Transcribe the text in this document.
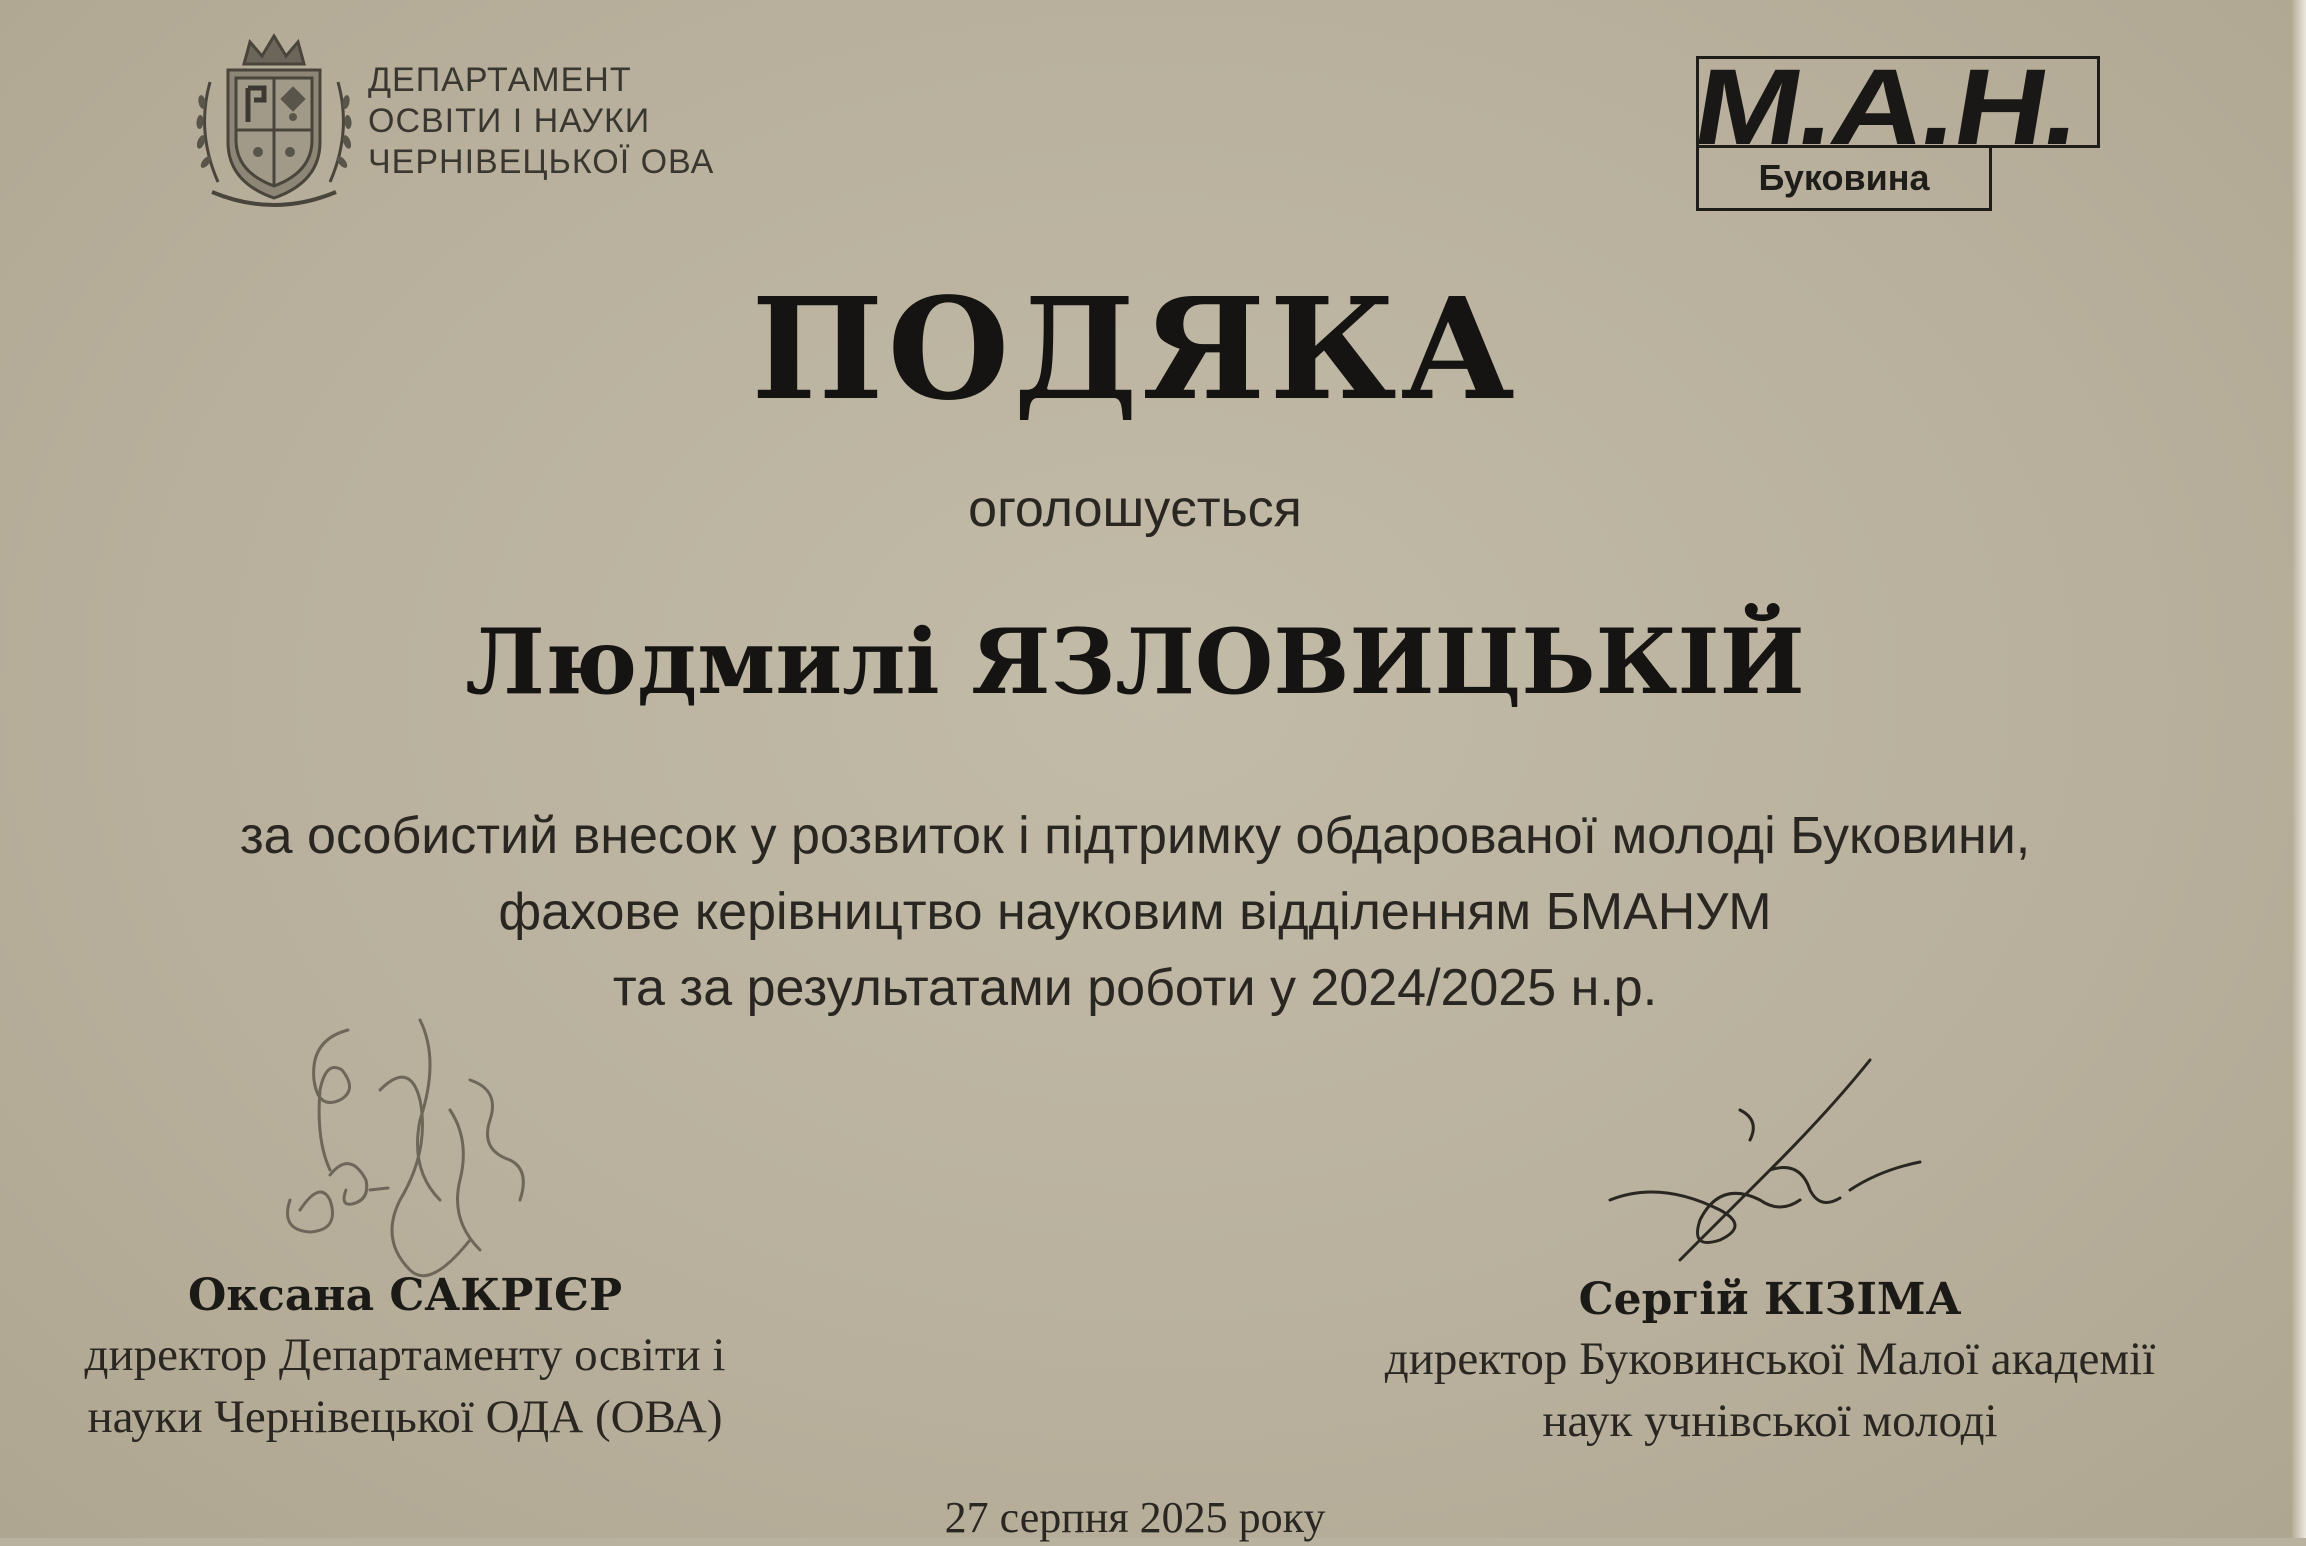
ДЕПАРТАМЕНТ
ОСВІТИ І НАУКИ
ЧЕРНІВЕЦЬКОЇ ОВА	М.А.Н.
Буковина
ПОДЯКА
оголошується
Людмилі ЯЗЛОВИЦЬКІЙ
за особистий внесок у розвиток і підтримку обдарованої молоді Буковини,
фахове керівництво науковим відділенням БМАНУМ
та за результатами роботи у 2024/2025 н.р.
Оксана САКРІЄР
директор Департаменту освіти і
науки Чернівецької ОДА (ОВА)
Сергій КІЗІМА
директор Буковинської Малої академії
наук учнівської молоді
27 серпня 2025 року
